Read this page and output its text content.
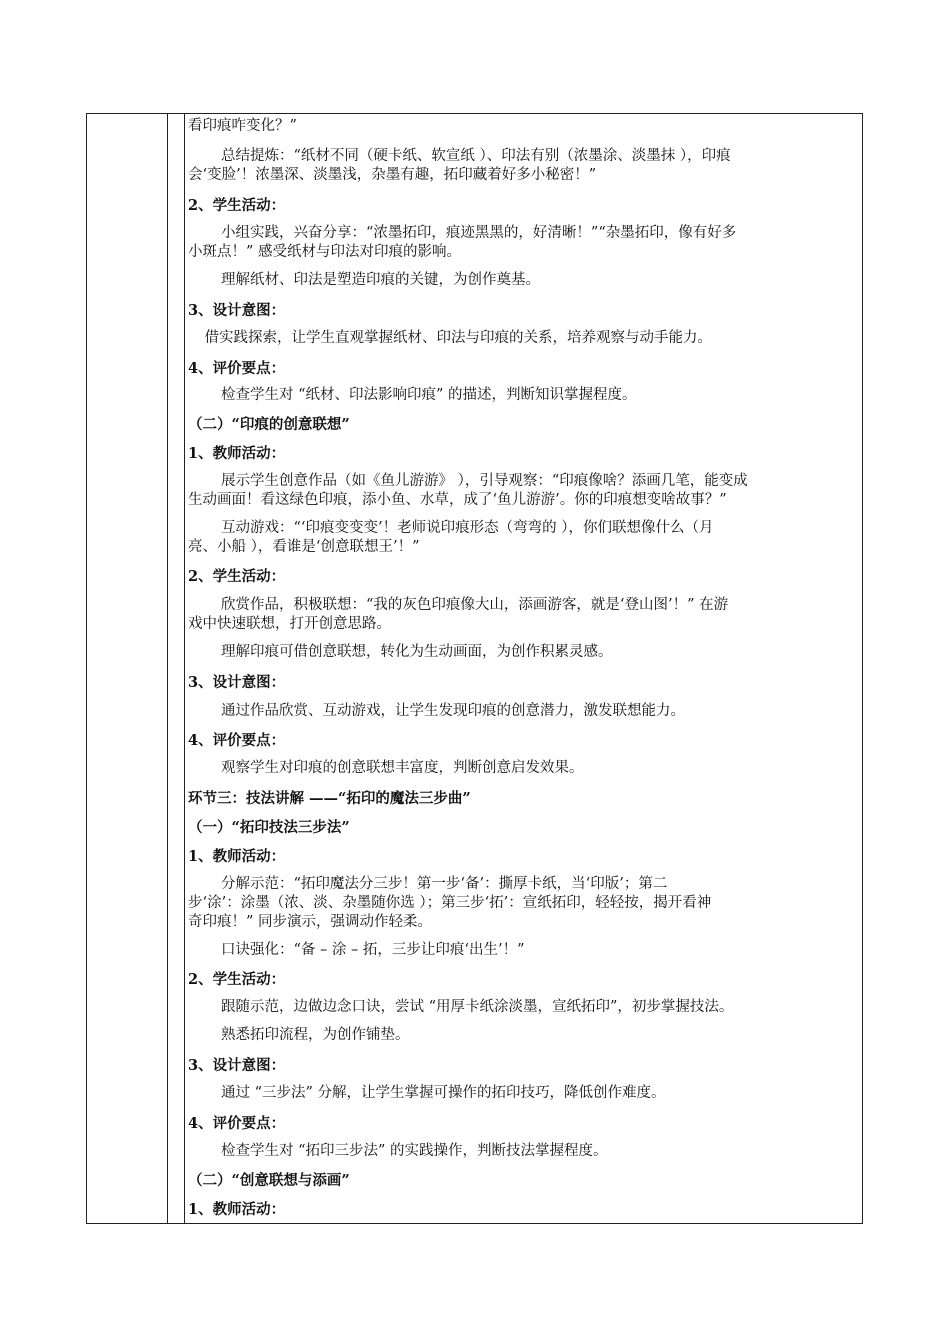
看印痕咋变化？”
总结提炼：“纸材不同（硬卡纸、软宣纸 ）、印法有别（浓墨涂、淡墨抹 ），印痕
会‘变脸’！浓墨深、淡墨浅，杂墨有趣，拓印藏着好多小秘密！”
2、学生活动：
小组实践，兴奋分享：“浓墨拓印，痕迹黑黑的，好清晰！”“杂墨拓印，像有好多
小斑点！” 感受纸材与印法对印痕的影响。
理解纸材、印法是塑造印痕的关键，为创作奠基。
3、设计意图：
借实践探索，让学生直观掌握纸材、印法与印痕的关系，培养观察与动手能力。
4、评价要点：
检查学生对 “纸材、印法影响印痕” 的描述，判断知识掌握程度。
（二）“印痕的创意联想”
1、教师活动：
展示学生创意作品（如《鱼儿游游》 ），引导观察：“印痕像啥？添画几笔，能变成
生动画面！看这绿色印痕，添小鱼、水草，成了‘鱼儿游游’。你的印痕想变啥故事？”
互动游戏：“‘印痕变变变’！老师说印痕形态（弯弯的 ），你们联想像什么（月
亮、小船 ），看谁是‘创意联想王’！”
2、学生活动：
欣赏作品，积极联想：“我的灰色印痕像大山，添画游客，就是‘登山图’！” 在游
戏中快速联想，打开创意思路。
理解印痕可借创意联想，转化为生动画面，为创作积累灵感。
3、设计意图：
通过作品欣赏、互动游戏，让学生发现印痕的创意潜力，激发联想能力。
4、评价要点：
观察学生对印痕的创意联想丰富度，判断创意启发效果。
环节三：技法讲解 ——“拓印的魔法三步曲”
（一）“拓印技法三步法”
1、教师活动：
分解示范：“拓印魔法分三步！第一步‘备’：撕厚卡纸，当‘印版’；第二
步‘涂’：涂墨（浓、淡、杂墨随你选 ）；第三步‘拓’：宣纸拓印，轻轻按，揭开看神
奇印痕！” 同步演示，强调动作轻柔。
口诀强化：“备 – 涂 – 拓，三步让印痕‘出生’！”
2、学生活动：
跟随示范，边做边念口诀，尝试 “用厚卡纸涂淡墨，宣纸拓印”，初步掌握技法。
熟悉拓印流程，为创作铺垫。
3、设计意图：
通过 “三步法” 分解，让学生掌握可操作的拓印技巧，降低创作难度。
4、评价要点：
检查学生对 “拓印三步法” 的实践操作，判断技法掌握程度。
（二）“创意联想与添画”
1、教师活动：
